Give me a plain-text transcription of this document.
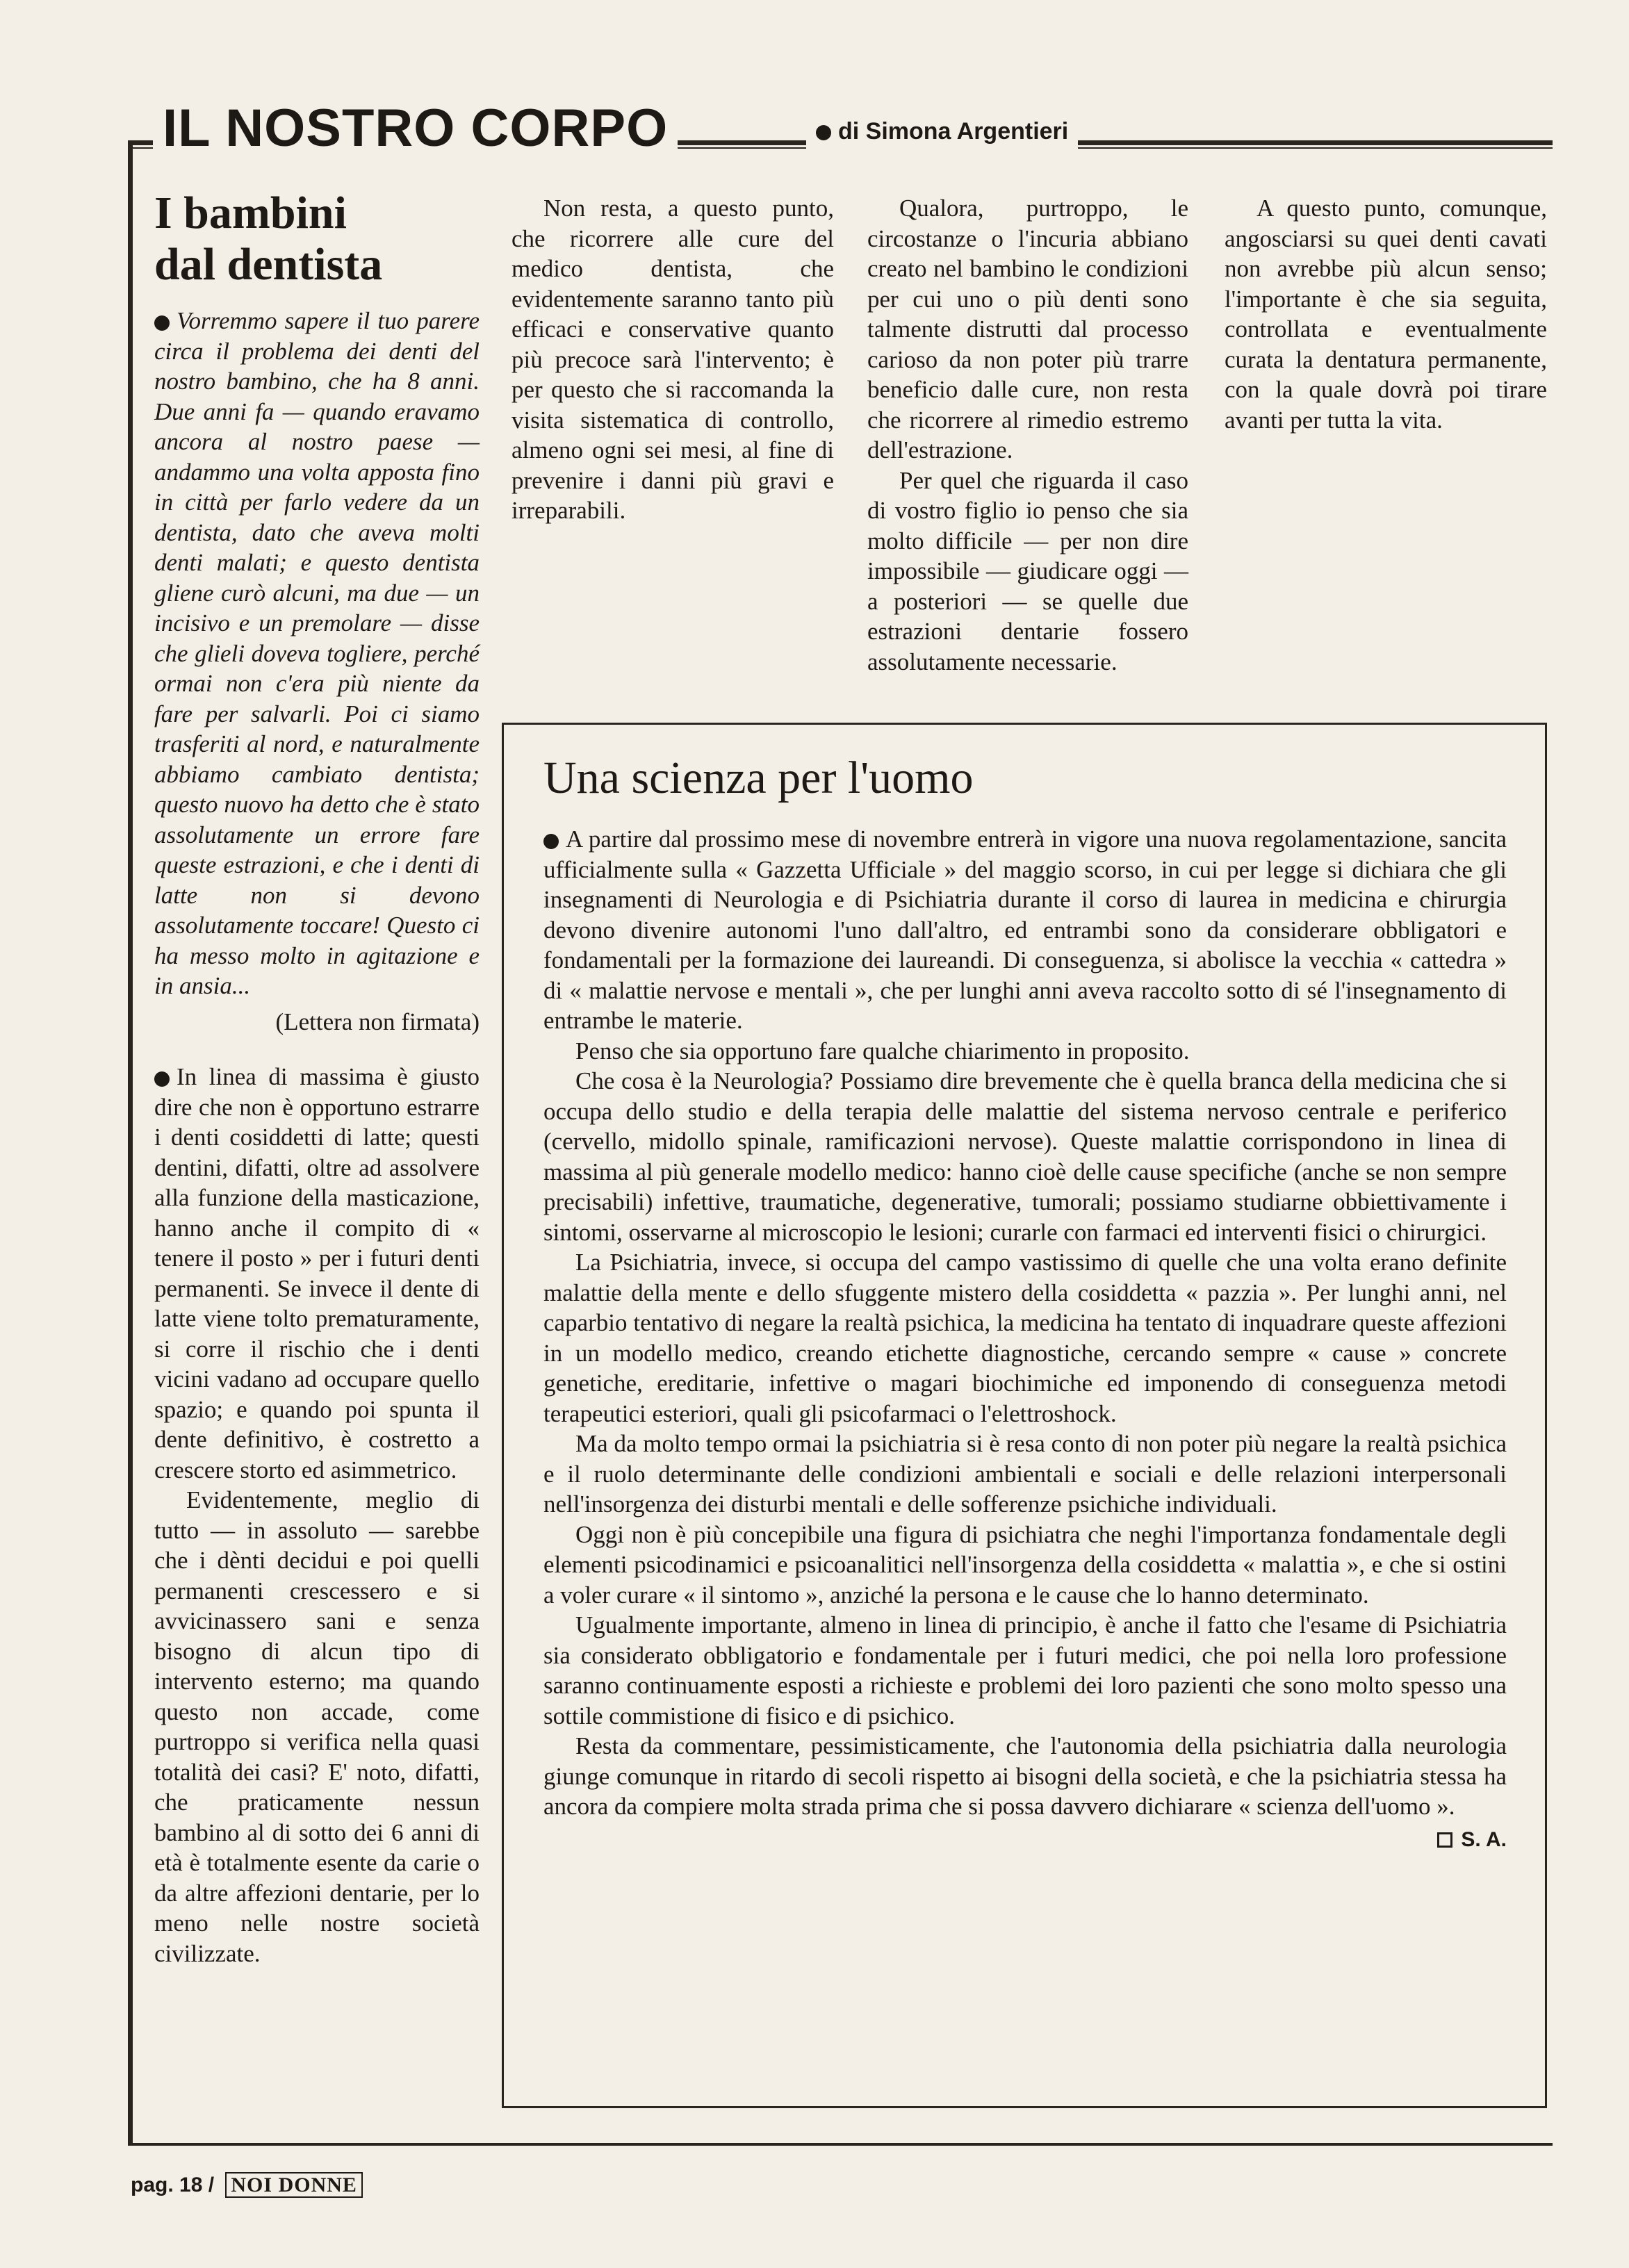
IL NOSTRO CORPO	di Simona Argentieri
I bambini
dal dentista

Vorremmo sapere il tuo parere circa il problema dei denti del nostro bambino, che ha 8 anni. Due anni fa — quando eravamo ancora al nostro paese — andammo una volta apposta fino in città per farlo vedere da un dentista, dato che aveva molti denti malati; e questo dentista gliene curò alcuni, ma due — un incisivo e un premolare — disse che glieli doveva togliere, perché ormai non c'era più niente da fare per salvarli. Poi ci siamo trasferiti al nord, e naturalmente abbiamo cambiato dentista; questo nuovo ha detto che è stato assolutamente un errore fare queste estrazioni, e che i denti di latte non si devono assolutamente toccare! Questo ci ha messo molto in agitazione e in ansia...

(Lettera non firmata)

In linea di massima è giusto dire che non è opportuno estrarre i denti cosiddetti di latte; questi dentini, difatti, oltre ad assolvere alla funzione della masticazione, hanno anche il compito di « tenere il posto » per i futuri denti permanenti. Se invece il dente di latte viene tolto prematuramente, si corre il rischio che i denti vicini vadano ad occupare quello spazio; e quando poi spunta il dente definitivo, è costretto a crescere storto ed asimmetrico.

Evidentemente, meglio di tutto — in assoluto — sarebbe che i dènti decidui e poi quelli permanenti crescessero e si avvicinassero sani e senza bisogno di alcun tipo di intervento esterno; ma quando questo non accade, come purtroppo si verifica nella quasi totalità dei casi? E' noto, difatti, che praticamente nessun bambino al di sotto dei 6 anni di età è totalmente esente da carie o da altre affezioni dentarie, per lo meno nelle nostre società civilizzate.

Non resta, a questo punto, che ricorrere alle cure del medico dentista, che evidentemente saranno tanto più efficaci e conservative quanto più precoce sarà l'intervento; è per questo che si raccomanda la visita sistematica di controllo, almeno ogni sei mesi, al fine di prevenire i danni più gravi e irreparabili.

Qualora, purtroppo, le circostanze o l'incuria abbiano creato nel bambino le condizioni per cui uno o più denti sono talmente distrutti dal processo carioso da non poter più trarre beneficio dalle cure, non resta che ricorrere al rimedio estremo dell'estrazione.

Per quel che riguarda il caso di vostro figlio io penso che sia molto difficile — per non dire impossibile — giudicare oggi — a posteriori — se quelle due estrazioni dentarie fossero assolutamente necessarie.

A questo punto, comunque, angosciarsi su quei denti cavati non avrebbe più alcun senso; l'importante è che sia seguita, controllata e eventualmente curata la dentatura permanente, con la quale dovrà poi tirare avanti per tutta la vita.

Una scienza per l'uomo

A partire dal prossimo mese di novembre entrerà in vigore una nuova regolamentazione, sancita ufficialmente sulla « Gazzetta Ufficiale » del maggio scorso, in cui per legge si dichiara che gli insegnamenti di Neurologia e di Psichiatria durante il corso di laurea in medicina e chirurgia devono divenire autonomi l'uno dall'altro, ed entrambi sono da considerare obbligatori e fondamentali per la formazione dei laureandi. Di conseguenza, si abolisce la vecchia « cattedra » di « malattie nervose e mentali », che per lunghi anni aveva raccolto sotto di sé l'insegnamento di entrambe le materie.

Penso che sia opportuno fare qualche chiarimento in proposito.

Che cosa è la Neurologia? Possiamo dire brevemente che è quella branca della medicina che si occupa dello studio e della terapia delle malattie del sistema nervoso centrale e periferico (cervello, midollo spinale, ramificazioni nervose). Queste malattie corrispondono in linea di massima al più generale modello medico: hanno cioè delle cause specifiche (anche se non sempre precisabili) infettive, traumatiche, degenerative, tumorali; possiamo studiarne obbiettivamente i sintomi, osservarne al microscopio le lesioni; curarle con farmaci ed interventi fisici o chirurgici.

La Psichiatria, invece, si occupa del campo vastissimo di quelle che una volta erano definite malattie della mente e dello sfuggente mistero della cosiddetta « pazzia ». Per lunghi anni, nel caparbio tentativo di negare la realtà psichica, la medicina ha tentato di inquadrare queste affezioni in un modello medico, creando etichette diagnostiche, cercando sempre « cause » concrete genetiche, ereditarie, infettive o magari biochimiche ed imponendo di conseguenza metodi terapeutici esteriori, quali gli psicofarmaci o l'elettroshock.

Ma da molto tempo ormai la psichiatria si è resa conto di non poter più negare la realtà psichica e il ruolo determinante delle condizioni ambientali e sociali e delle relazioni interpersonali nell'insorgenza dei disturbi mentali e delle sofferenze psichiche individuali.

Oggi non è più concepibile una figura di psichiatra che neghi l'importanza fondamentale degli elementi psicodinamici e psicoanalitici nell'insorgenza della cosiddetta « malattia », e che si ostini a voler curare « il sintomo », anziché la persona e le cause che lo hanno determinato.

Ugualmente importante, almeno in linea di principio, è anche il fatto che l'esame di Psichiatria sia considerato obbligatorio e fondamentale per i futuri medici, che poi nella loro professione saranno continuamente esposti a richieste e problemi dei loro pazienti che sono molto spesso una sottile commistione di fisico e di psichico.

Resta da commentare, pessimisticamente, che l'autonomia della psichiatria dalla neurologia giunge comunque in ritardo di secoli rispetto ai bisogni della società, e che la psichiatria stessa ha ancora da compiere molta strada prima che si possa davvero dichiarare « scienza dell'uomo ».

S. A.

pag. 18 / NOI DONNE
